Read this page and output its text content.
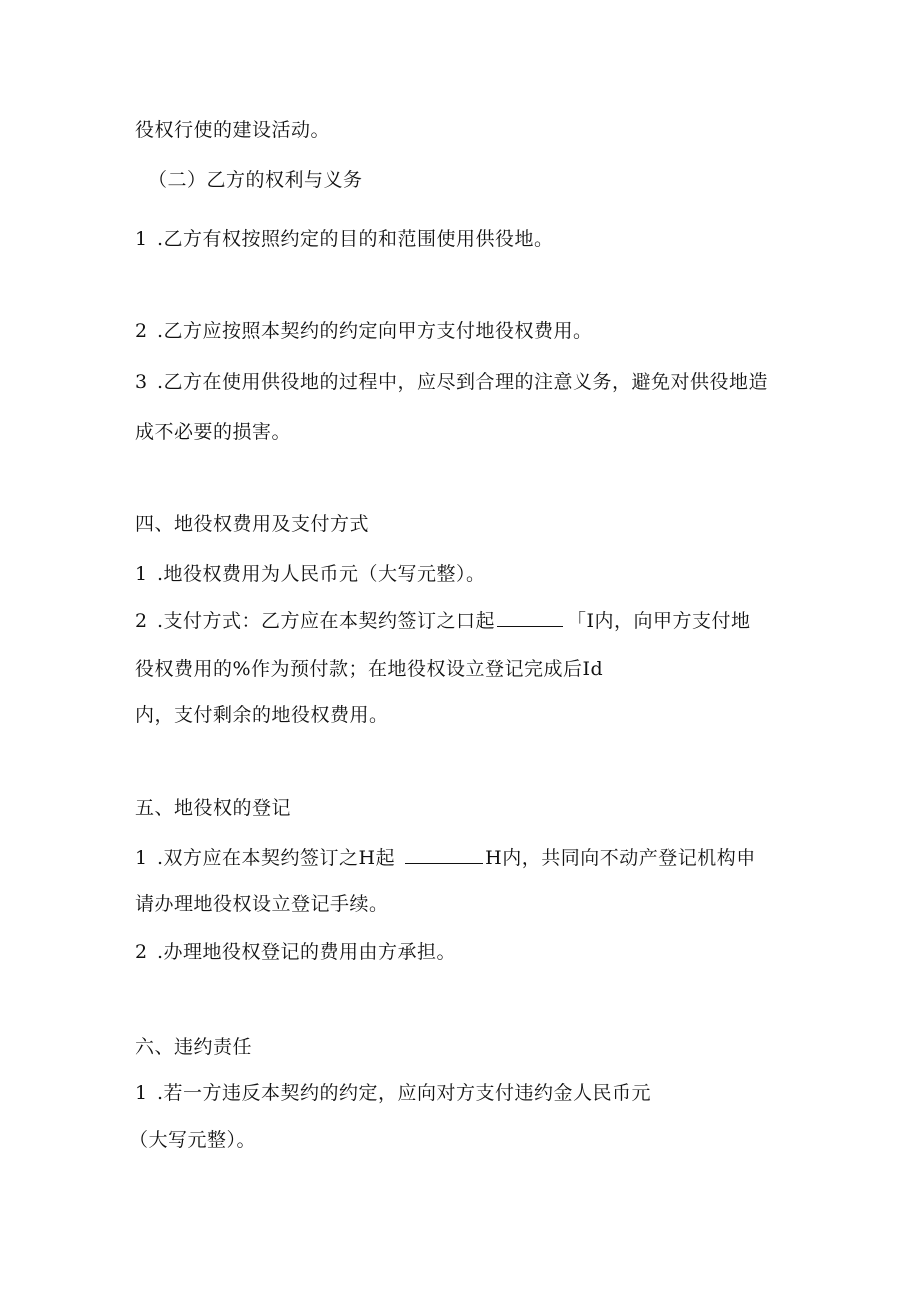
役权行使的建设活动。
（二）乙方的权利与义务
1 .乙方有权按照约定的目的和范围使用供役地。
2 .乙方应按照本契约的约定向甲方支付地役权费用。
3 .乙方在使用供役地的过程中，应尽到合理的注意义务，避免对供役地造
成不必要的损害。
四、地役权费用及支付方式
1 .地役权费用为人民币元（大写元整）。
2 .支付方式：乙方应在本契约签订之口起	「I内，向甲方支付地
役权费用的%作为预付款；在地役权设立登记完成后Id
内，支付剩余的地役权费用。
五、地役权的登记
1 .双方应在本契约签订之H起	H内，共同向不动产登记机构申
请办理地役权设立登记手续。
2 .办理地役权登记的费用由方承担。
六、违约责任
1 .若一方违反本契约的约定，应向对方支付违约金人民币元
（大写元整）。
